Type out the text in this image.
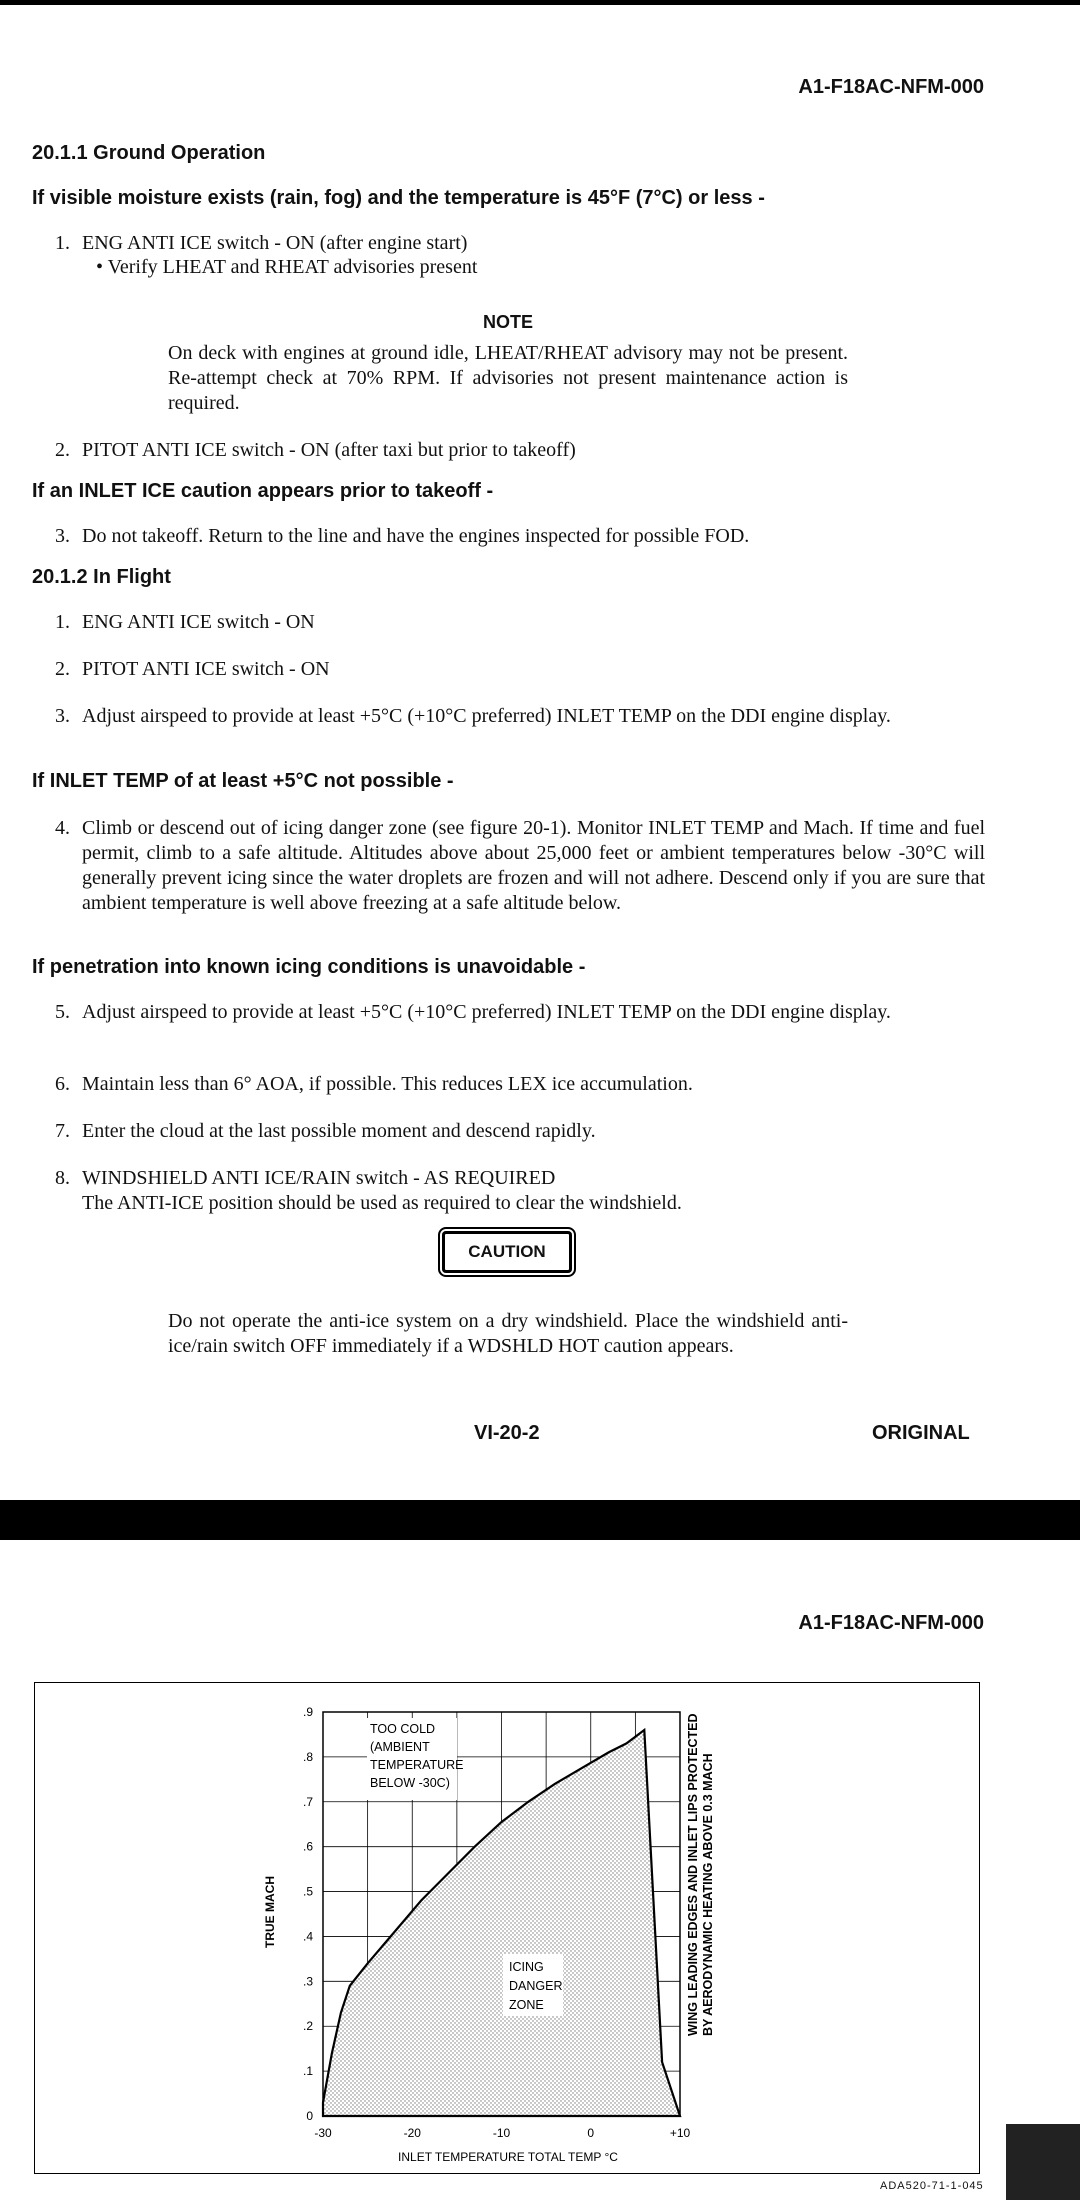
A1-F18AC-NFM-000
20.1.1 Ground Operation
If visible moisture exists (rain, fog) and the temperature is 45°F (7°C) or less -
1. ENG ANTI ICE switch - ON (after engine start)
• Verify LHEAT and RHEAT advisories present
NOTE
On deck with engines at ground idle, LHEAT/RHEAT advisory may not be present. Re-attempt check at 70% RPM. If advisories not present maintenance action is required.
2. PITOT ANTI ICE switch - ON (after taxi but prior to takeoff)
If an INLET ICE caution appears prior to takeoff -
3. Do not takeoff. Return to the line and have the engines inspected for possible FOD.
20.1.2 In Flight
1. ENG ANTI ICE switch - ON
2. PITOT ANTI ICE switch - ON
3. Adjust airspeed to provide at least +5°C (+10°C preferred) INLET TEMP on the DDI engine display.
If INLET TEMP of at least +5°C not possible -
4. Climb or descend out of icing danger zone (see figure 20-1). Monitor INLET TEMP and Mach. If time and fuel permit, climb to a safe altitude. Altitudes above about 25,000 feet or ambient temperatures below -30°C will generally prevent icing since the water droplets are frozen and will not adhere. Descend only if you are sure that ambient temperature is well above freezing at a safe altitude below.
If penetration into known icing conditions is unavoidable -
5. Adjust airspeed to provide at least +5°C (+10°C preferred) INLET TEMP on the DDI engine display.
6. Maintain less than 6° AOA, if possible. This reduces LEX ice accumulation.
7. Enter the cloud at the last possible moment and descend rapidly.
8. WINDSHIELD ANTI ICE/RAIN switch - AS REQUIRED
The ANTI-ICE position should be used as required to clear the windshield.
CAUTION
Do not operate the anti-ice system on a dry windshield. Place the windshield anti-ice/rain switch OFF immediately if a WDSHLD HOT caution appears.
VI-20-2	ORIGINAL
A1-F18AC-NFM-000
-30	-20	-10	0	+10
0
.1
.2
.3
.4
.5
.6
.7
.8
.9
TRUE MACH
INLET TEMPERATURE TOTAL TEMP °C
TOO COLD (AMBIENT TEMPERATURE BELOW -30C)
ICING DANGER ZONE	WING LEADING EDGES AND INLET LIPS PROTECTED BY AERODYNAMIC HEATING ABOVE 0.3 MACH
ADA520-71-1-045
